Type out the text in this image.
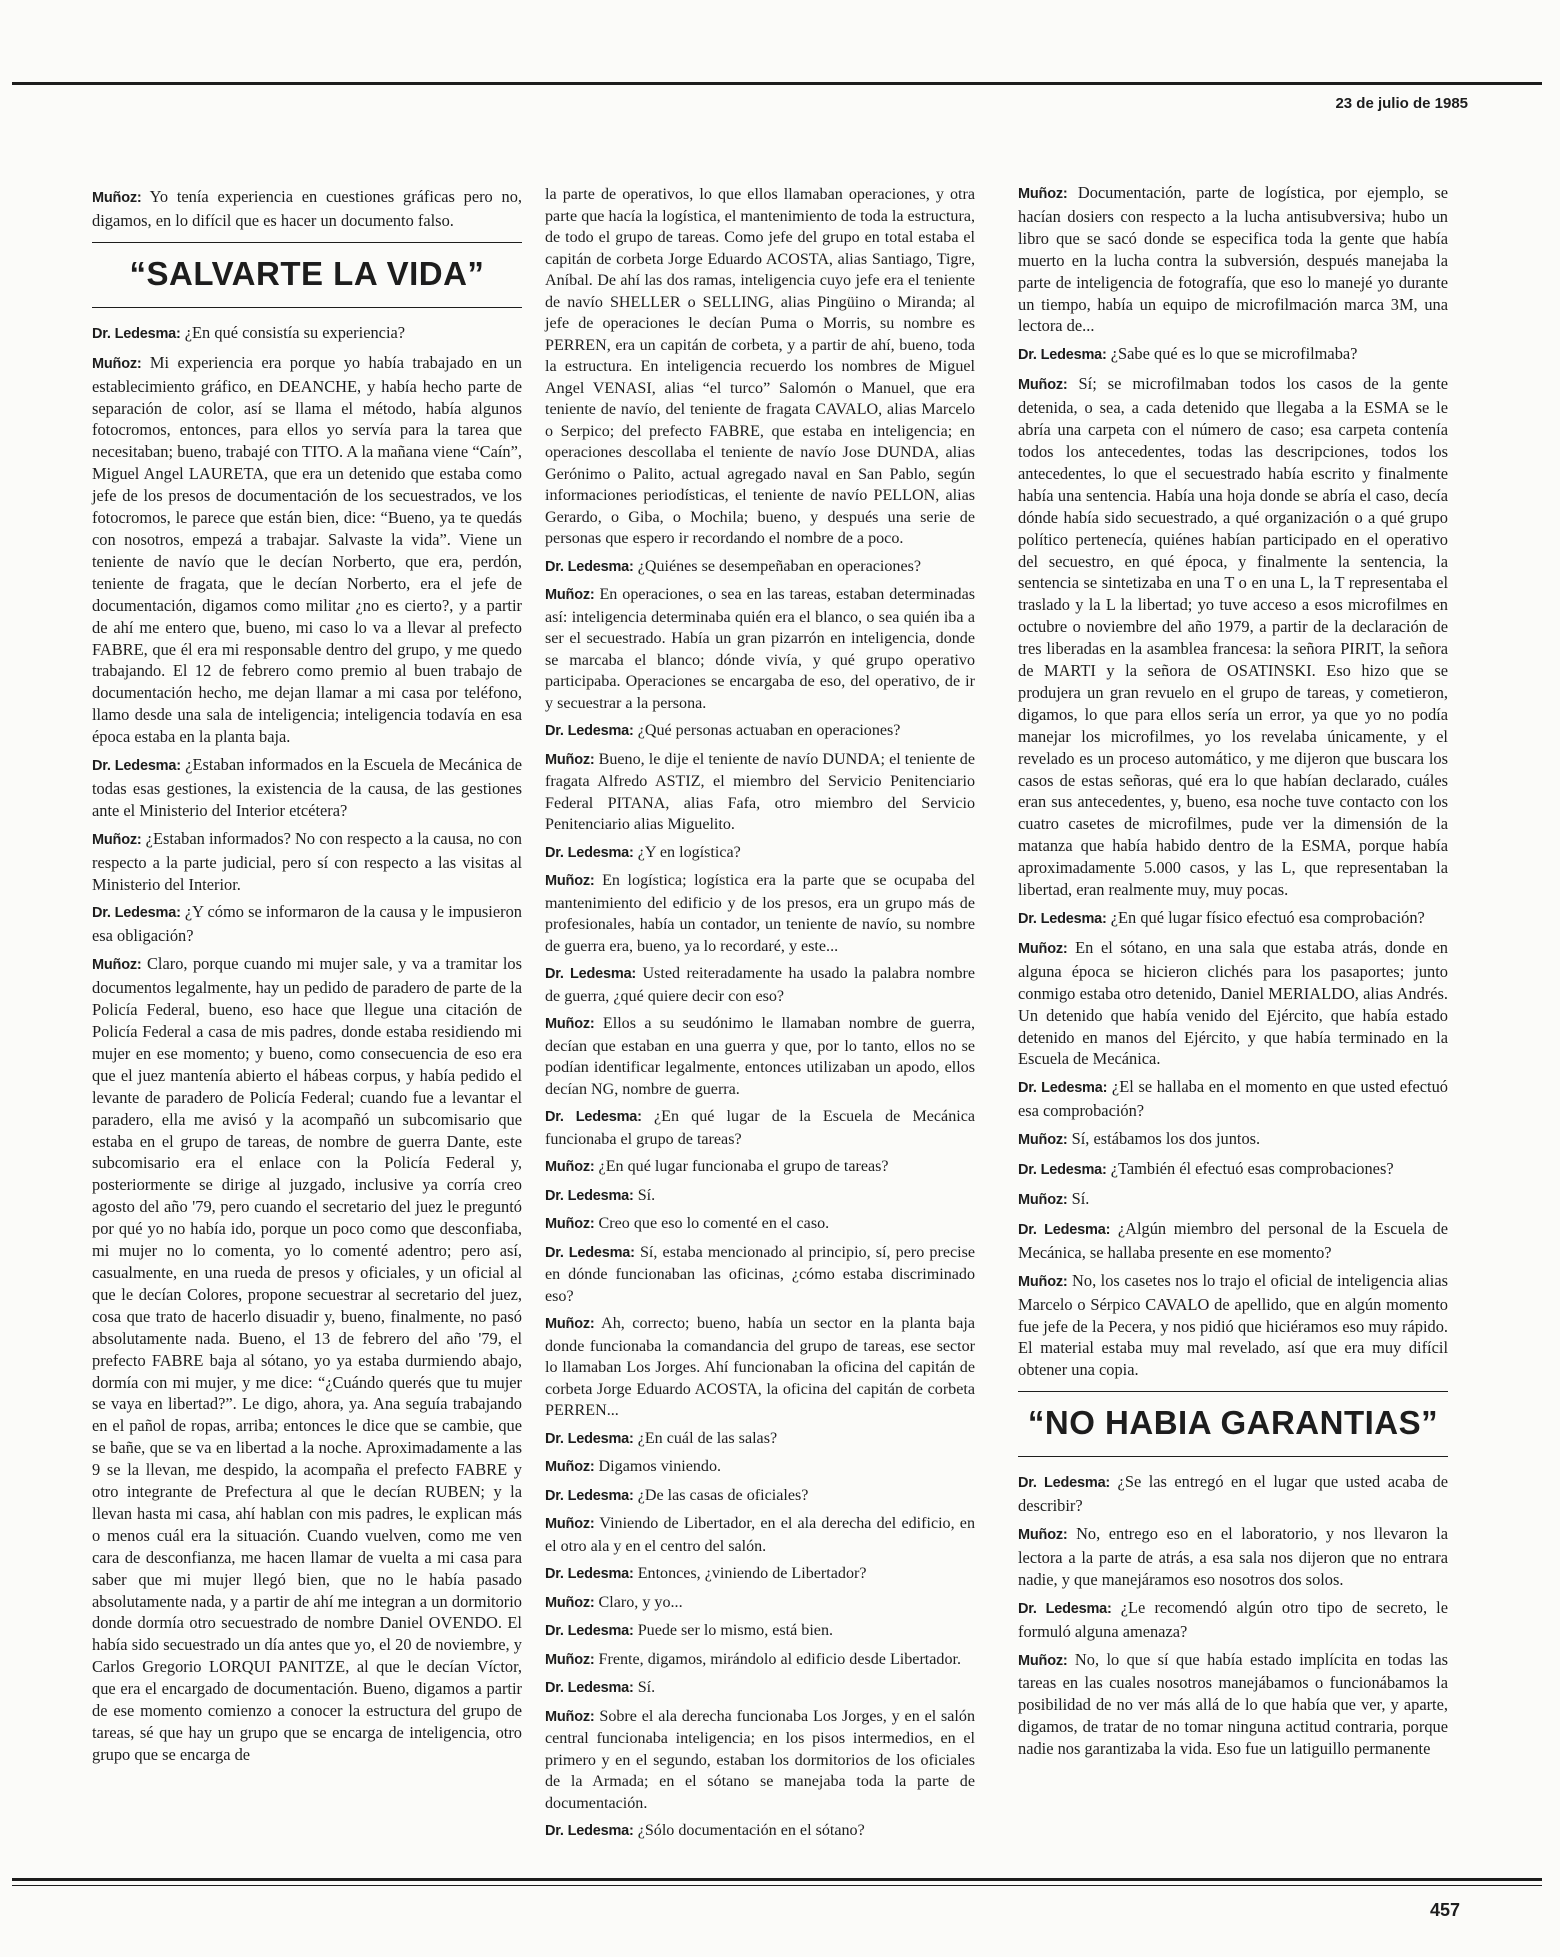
23 de julio de 1985

Muñoz: Yo tenía experiencia en cuestiones gráficas pero no, digamos, en lo difícil que es hacer un documento falso.

“SALVARTE LA VIDA”

Dr. Ledesma: ¿En qué consistía su experiencia?

Muñoz: Mi experiencia era porque yo había trabajado en un establecimiento gráfico, en DEANCHE, y había hecho parte de separación de color, así se llama el método, había algunos fotocromos, entonces, para ellos yo servía para la tarea que necesitaban; bueno, trabajé con TITO. A la mañana viene “Caín”, Miguel Angel LAURETA, que era un detenido que estaba como jefe de los presos de documentación de los secuestrados, ve los fotocromos, le parece que están bien, dice: “Bueno, ya te quedás con nosotros, empezá a trabajar. Salvaste la vida”. Viene un teniente de navío que le decían Norberto, que era, perdón, teniente de fragata, que le decían Norberto, era el jefe de documentación, digamos como militar ¿no es cierto?, y a partir de ahí me entero que, bueno, mi caso lo va a llevar al prefecto FABRE, que él era mi responsable dentro del grupo, y me quedo trabajando. El 12 de febrero como premio al buen trabajo de documentación hecho, me dejan llamar a mi casa por teléfono, llamo desde una sala de inteligencia; inteligencia todavía en esa época estaba en la planta baja.

Dr. Ledesma: ¿Estaban informados en la Escuela de Mecánica de todas esas gestiones, la existencia de la causa, de las gestiones ante el Ministerio del Interior etcétera?

Muñoz: ¿Estaban informados? No con respecto a la causa, no con respecto a la parte judicial, pero sí con respecto a las visitas al Ministerio del Interior.

Dr. Ledesma: ¿Y cómo se informaron de la causa y le impusieron esa obligación?

Muñoz: Claro, porque cuando mi mujer sale, y va a tramitar los documentos legalmente, hay un pedido de paradero de parte de la Policía Federal, bueno, eso hace que llegue una citación de Policía Federal a casa de mis padres, donde estaba residiendo mi mujer en ese momento; y bueno, como consecuencia de eso era que el juez mantenía abierto el hábeas corpus, y había pedido el levante de paradero de Policía Federal; cuando fue a levantar el paradero, ella me avisó y la acompañó un subcomisario que estaba en el grupo de tareas, de nombre de guerra Dante, este subcomisario era el enlace con la Policía Federal y, posteriormente se dirige al juzgado, inclusive ya corría creo agosto del año '79, pero cuando el secretario del juez le preguntó por qué yo no había ido, porque un poco como que desconfiaba, mi mujer no lo comenta, yo lo comenté adentro; pero así, casualmente, en una rueda de presos y oficiales, y un oficial al que le decían Colores, propone secuestrar al secretario del juez, cosa que trato de hacerlo disuadir y, bueno, finalmente, no pasó absolutamente nada. Bueno, el 13 de febrero del año '79, el prefecto FABRE baja al sótano, yo ya estaba durmiendo abajo, dormía con mi mujer, y me dice: “¿Cuándo querés que tu mujer se vaya en libertad?”. Le digo, ahora, ya. Ana seguía trabajando en el pañol de ropas, arriba; entonces le dice que se cambie, que se bañe, que se va en libertad a la noche. Aproximadamente a las 9 se la llevan, me despido, la acompaña el prefecto FABRE y otro integrante de Prefectura al que le decían RUBEN; y la llevan hasta mi casa, ahí hablan con mis padres, le explican más o menos cuál era la situación. Cuando vuelven, como me ven cara de desconfianza, me hacen llamar de vuelta a mi casa para saber que mi mujer llegó bien, que no le había pasado absolutamente nada, y a partir de ahí me integran a un dormitorio donde dormía otro secuestrado de nombre Daniel OVENDO. El había sido secuestrado un día antes que yo, el 20 de noviembre, y Carlos Gregorio LORQUI PANITZE, al que le decían Víctor, que era el encargado de documentación. Bueno, digamos a partir de ese momento comienzo a conocer la estructura del grupo de tareas, sé que hay un grupo que se encarga de inteligencia, otro grupo que se encarga de

la parte de operativos, lo que ellos llamaban operaciones, y otra parte que hacía la logística, el mantenimiento de toda la estructura, de todo el grupo de tareas. Como jefe del grupo en total estaba el capitán de corbeta Jorge Eduardo ACOSTA, alias Santiago, Tigre, Aníbal. De ahí las dos ramas, inteligencia cuyo jefe era el teniente de navío SHELLER o SELLING, alias Pingüino o Miranda; al jefe de operaciones le decían Puma o Morris, su nombre es PERREN, era un capitán de corbeta, y a partir de ahí, bueno, toda la estructura. En inteligencia recuerdo los nombres de Miguel Angel VENASI, alias “el turco” Salomón o Manuel, que era teniente de navío, del teniente de fragata CAVALO, alias Marcelo o Serpico; del prefecto FABRE, que estaba en inteligencia; en operaciones descollaba el teniente de navío Jose DUNDA, alias Gerónimo o Palito, actual agregado naval en San Pablo, según informaciones periodísticas, el teniente de navío PELLON, alias Gerardo, o Giba, o Mochila; bueno, y después una serie de personas que espero ir recordando el nombre de a poco.

Dr. Ledesma: ¿Quiénes se desempeñaban en operaciones?

Muñoz: En operaciones, o sea en las tareas, estaban determinadas así: inteligencia determinaba quién era el blanco, o sea quién iba a ser el secuestrado. Había un gran pizarrón en inteligencia, donde se marcaba el blanco; dónde vivía, y qué grupo operativo participaba. Operaciones se encargaba de eso, del operativo, de ir y secuestrar a la persona.

Dr. Ledesma: ¿Qué personas actuaban en operaciones?

Muñoz: Bueno, le dije el teniente de navío DUNDA; el teniente de fragata Alfredo ASTIZ, el miembro del Servicio Penitenciario Federal PITANA, alias Fafa, otro miembro del Servicio Penitenciario alias Miguelito.

Dr. Ledesma: ¿Y en logística?

Muñoz: En logística; logística era la parte que se ocupaba del mantenimiento del edificio y de los presos, era un grupo más de profesionales, había un contador, un teniente de navío, su nombre de guerra era, bueno, ya lo recordaré, y este...

Dr. Ledesma: Usted reiteradamente ha usado la palabra nombre de guerra, ¿qué quiere decir con eso?

Muñoz: Ellos a su seudónimo le llamaban nombre de guerra, decían que estaban en una guerra y que, por lo tanto, ellos no se podían identificar legalmente, entonces utilizaban un apodo, ellos decían NG, nombre de guerra.

Dr. Ledesma: ¿En qué lugar de la Escuela de Mecánica funcionaba el grupo de tareas?

Muñoz: ¿En qué lugar funcionaba el grupo de tareas?

Dr. Ledesma: Sí.

Muñoz: Creo que eso lo comenté en el caso.

Dr. Ledesma: Sí, estaba mencionado al principio, sí, pero precise en dónde funcionaban las oficinas, ¿cómo estaba discriminado eso?

Muñoz: Ah, correcto; bueno, había un sector en la planta baja donde funcionaba la comandancia del grupo de tareas, ese sector lo llamaban Los Jorges. Ahí funcionaban la oficina del capitán de corbeta Jorge Eduardo ACOSTA, la oficina del capitán de corbeta PERREN...

Dr. Ledesma: ¿En cuál de las salas?

Muñoz: Digamos viniendo.

Dr. Ledesma: ¿De las casas de oficiales?

Muñoz: Viniendo de Libertador, en el ala derecha del edificio, en el otro ala y en el centro del salón.

Dr. Ledesma: Entonces, ¿viniendo de Libertador?

Muñoz: Claro, y yo...

Dr. Ledesma: Puede ser lo mismo, está bien.

Muñoz: Frente, digamos, mirándolo al edificio desde Libertador.

Dr. Ledesma: Sí.

Muñoz: Sobre el ala derecha funcionaba Los Jorges, y en el salón central funcionaba inteligencia; en los pisos intermedios, en el primero y en el segundo, estaban los dormitorios de los oficiales de la Armada; en el sótano se manejaba toda la parte de documentación.

Dr. Ledesma: ¿Sólo documentación en el sótano?

Muñoz: Documentación, parte de logística, por ejemplo, se hacían dosiers con respecto a la lucha antisubversiva; hubo un libro que se sacó donde se especifica toda la gente que había muerto en la lucha contra la subversión, después manejaba la parte de inteligencia de fotografía, que eso lo manejé yo durante un tiempo, había un equipo de microfilmación marca 3M, una lectora de...

Dr. Ledesma: ¿Sabe qué es lo que se microfilmaba?

Muñoz: Sí; se microfilmaban todos los casos de la gente detenida, o sea, a cada detenido que llegaba a la ESMA se le abría una carpeta con el número de caso; esa carpeta contenía todos los antecedentes, todas las descripciones, todos los antecedentes, lo que el secuestrado había escrito y finalmente había una sentencia. Había una hoja donde se abría el caso, decía dónde había sido secuestrado, a qué organización o a qué grupo político pertenecía, quiénes habían participado en el operativo del secuestro, en qué época, y finalmente la sentencia, la sentencia se sintetizaba en una T o en una L, la T representaba el traslado y la L la libertad; yo tuve acceso a esos microfilmes en octubre o noviembre del año 1979, a partir de la declaración de tres liberadas en la asamblea francesa: la señora PIRIT, la señora de MARTI y la señora de OSATINSKI. Eso hizo que se produjera un gran revuelo en el grupo de tareas, y cometieron, digamos, lo que para ellos sería un error, ya que yo no podía manejar los microfilmes, yo los revelaba únicamente, y el revelado es un proceso automático, y me dijeron que buscara los casos de estas señoras, qué era lo que habían declarado, cuáles eran sus antecedentes, y, bueno, esa noche tuve contacto con los cuatro casetes de microfilmes, pude ver la dimensión de la matanza que había habido dentro de la ESMA, porque había aproximadamente 5.000 casos, y las L, que representaban la libertad, eran realmente muy, muy pocas.

Dr. Ledesma: ¿En qué lugar físico efectuó esa comprobación?

Muñoz: En el sótano, en una sala que estaba atrás, donde en alguna época se hicieron clichés para los pasaportes; junto conmigo estaba otro detenido, Daniel MERIALDO, alias Andrés. Un detenido que había venido del Ejército, que había estado detenido en manos del Ejército, y que había terminado en la Escuela de Mecánica.

Dr. Ledesma: ¿El se hallaba en el momento en que usted efectuó esa comprobación?

Muñoz: Sí, estábamos los dos juntos.

Dr. Ledesma: ¿También él efectuó esas comprobaciones?

Muñoz: Sí.

Dr. Ledesma: ¿Algún miembro del personal de la Escuela de Mecánica, se hallaba presente en ese momento?

Muñoz: No, los casetes nos lo trajo el oficial de inteligencia alias Marcelo o Sérpico CAVALO de apellido, que en algún momento fue jefe de la Pecera, y nos pidió que hiciéramos eso muy rápido. El material estaba muy mal revelado, así que era muy difícil obtener una copia.

“NO HABIA GARANTIAS”

Dr. Ledesma: ¿Se las entregó en el lugar que usted acaba de describir?

Muñoz: No, entrego eso en el laboratorio, y nos llevaron la lectora a la parte de atrás, a esa sala nos dijeron que no entrara nadie, y que manejáramos eso nosotros dos solos.

Dr. Ledesma: ¿Le recomendó algún otro tipo de secreto, le formuló alguna amenaza?

Muñoz: No, lo que sí que había estado implícita en todas las tareas en las cuales nosotros manejábamos o funcionábamos la posibilidad de no ver más allá de lo que había que ver, y aparte, digamos, de tratar de no tomar ninguna actitud contraria, porque nadie nos garantizaba la vida. Eso fue un latiguillo permanente

457
